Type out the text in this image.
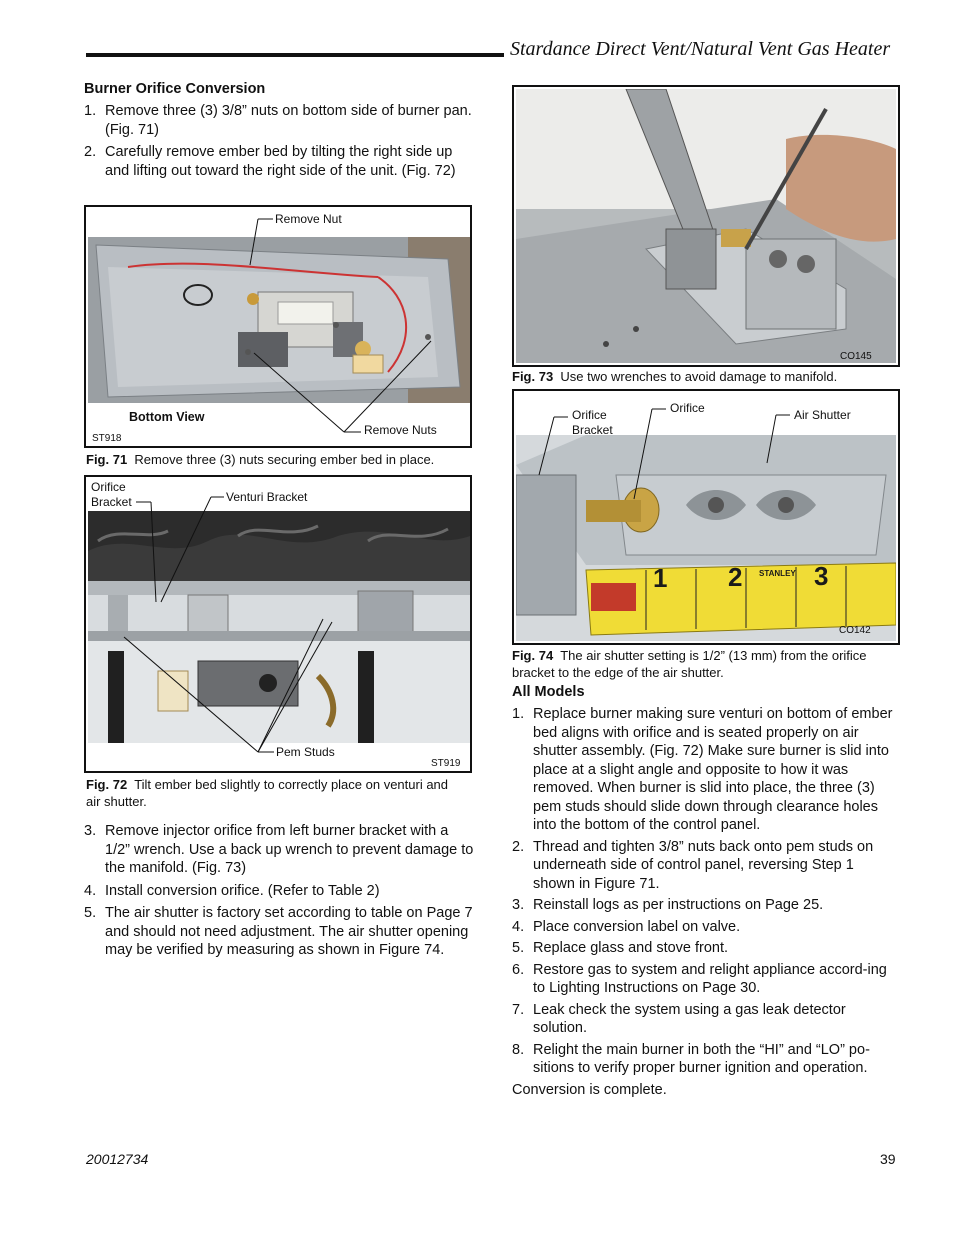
Stardance Direct Vent/Natural Vent Gas Heater
Burner Orifice Conversion
1. Remove three (3) 3/8” nuts on bottom side of burner pan. (Fig. 71)
2. Carefully remove ember bed by tilting the right side up and lifting out toward the right side of the unit. (Fig. 72)
Remove Nut
Bottom View
Remove Nuts
ST918
Fig. 71 Remove three (3) nuts securing ember bed in place.
Orifice
Bracket	Venturi Bracket
Pem Studs
ST919
Fig. 72 Tilt ember bed slightly to correctly place on venturi and air shutter.
3. Remove injector orifice from left burner bracket with a 1/2” wrench. Use a back up wrench to prevent damage to the manifold. (Fig. 73)
4. Install conversion orifice. (Refer to Table 2)
5. The air shutter is factory set according to table on Page 7 and should not need adjustment. The air shutter opening may be verified by measuring as shown in Figure 74.
CO145
Fig. 73 Use two wrenches to avoid damage to manifold.
1 2	3
STANLEY
Orifice
Bracket
Orifice	Air Shutter
CO142
Fig. 74 The air shutter setting is 1/2” (13 mm) from the orifice bracket to the edge of the air shutter.
All Models
1. Replace burner making sure venturi on bottom of ember bed aligns with orifice and is seated properly on air shutter assembly. (Fig. 72) Make sure burner is slid into place at a slight angle and opposite to how it was removed. When burner is slid into place, the three (3) pem studs should slide down through clearance holes into the bottom of the control panel.
2. Thread and tighten 3/8” nuts back onto pem studs on underneath side of control panel, reversing Step 1 shown in Figure 71.
3. Reinstall logs as per instructions on Page 25.
4. Place conversion label on valve.
5. Replace glass and stove front.
6. Restore gas to system and relight appliance accord-ing to Lighting Instructions on Page 30.
7. Leak check the system using a gas leak detector solution.
8. Relight the main burner in both the “HI” and “LO” po-sitions to verify proper burner ignition and operation.
Conversion is complete.
20012734	39
